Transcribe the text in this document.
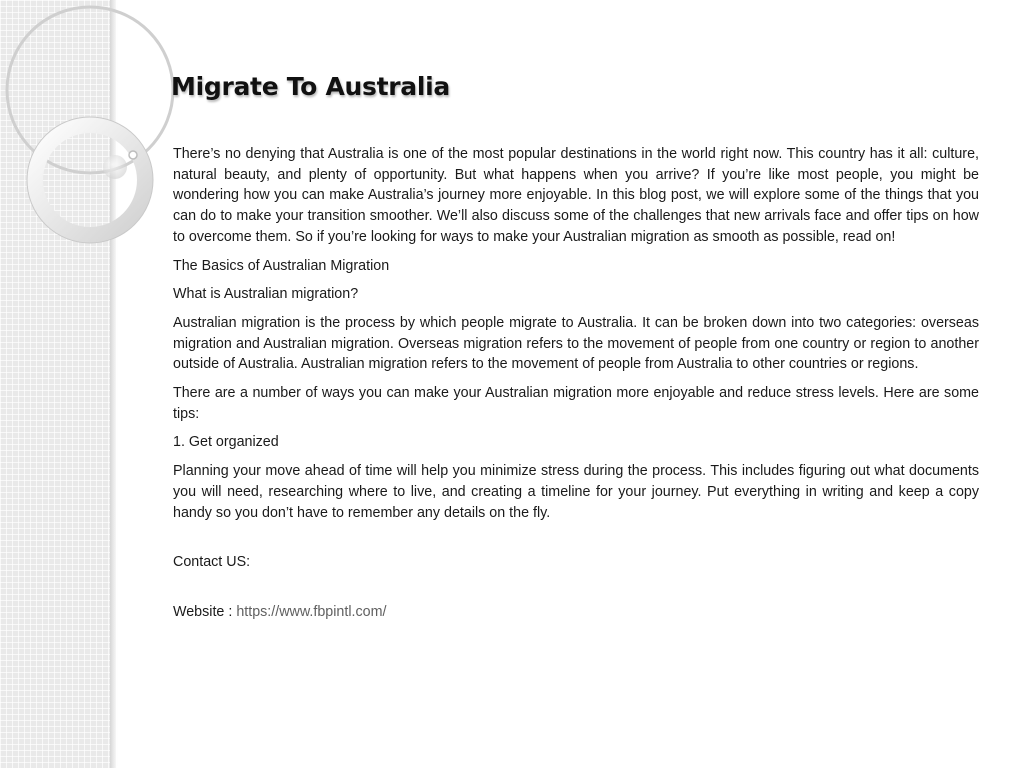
Migrate To Australia

There’s no denying that Australia is one of the most popular destinations in the world right now. This country has it all: culture, natural beauty, and plenty of opportunity. But what happens when you arrive? If you’re like most people, you might be wondering how you can make Australia’s journey more enjoyable. In this blog post, we will explore some of the things that you can do to make your transition smoother. We’ll also discuss some of the challenges that new arrivals face and offer tips on how to overcome them. So if you’re looking for ways to make your Australian migration as smooth as possible, read on!

The Basics of Australian Migration

What is Australian migration?

Australian migration is the process by which people migrate to Australia. It can be broken down into two categories: overseas migration and Australian migration. Overseas migration refers to the movement of people from one country or region to another outside of Australia. Australian migration refers to the movement of people from Australia to other countries or regions.

There are a number of ways you can make your Australian migration more enjoyable and reduce stress levels. Here are some tips:

1. Get organized

Planning your move ahead of time will help you minimize stress during the process. This includes figuring out what documents you will need, researching where to live, and creating a timeline for your journey. Put everything in writing and keep a copy handy so you don’t have to remember any details on the fly.

Contact US:

Website : https://www.fbpintl.com/
